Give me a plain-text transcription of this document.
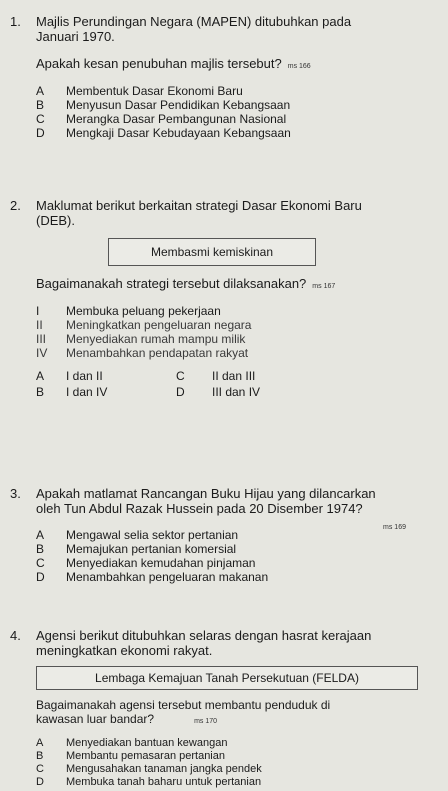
1. Majlis Perundingan Negara (MAPEN) ditubuhkan pada
Januari 1970.
Apakah kesan penubuhan majlis tersebut? ms 166
A	Membentuk Dasar Ekonomi Baru
B	Menyusun Dasar Pendidikan Kebangsaan
C	Merangka Dasar Pembangunan Nasional
D	Mengkaji Dasar Kebudayaan Kebangsaan
2. Maklumat berikut berkaitan strategi Dasar Ekonomi Baru
(DEB).
Membasmi kemiskinan
Bagaimanakah strategi tersebut dilaksanakan? ms 167
I	Membuka peluang pekerjaan
II	Meningkatkan pengeluaran negara
III	Menyediakan rumah mampu milik
IV	Menambahkan pendapatan rakyat
A	I dan II	C	II dan III
B	I dan IV	D	III dan IV
3. Apakah matlamat Rancangan Buku Hijau yang dilancarkan
oleh Tun Abdul Razak Hussein pada 20 Disember 1974?
ms 169
A	Mengawal selia sektor pertanian
B	Memajukan pertanian komersial
C	Menyediakan kemudahan pinjaman
D	Menambahkan pengeluaran makanan
4. Agensi berikut ditubuhkan selaras dengan hasrat kerajaan
meningkatkan ekonomi rakyat.
Lembaga Kemajuan Tanah Persekutuan (FELDA)
Bagaimanakah agensi tersebut membantu penduduk di
kawasan luar bandar?	ms 170
A	Menyediakan bantuan kewangan
B	Membantu pemasaran pertanian
C	Mengusahakan tanaman jangka pendek
D	Membuka tanah baharu untuk pertanian
